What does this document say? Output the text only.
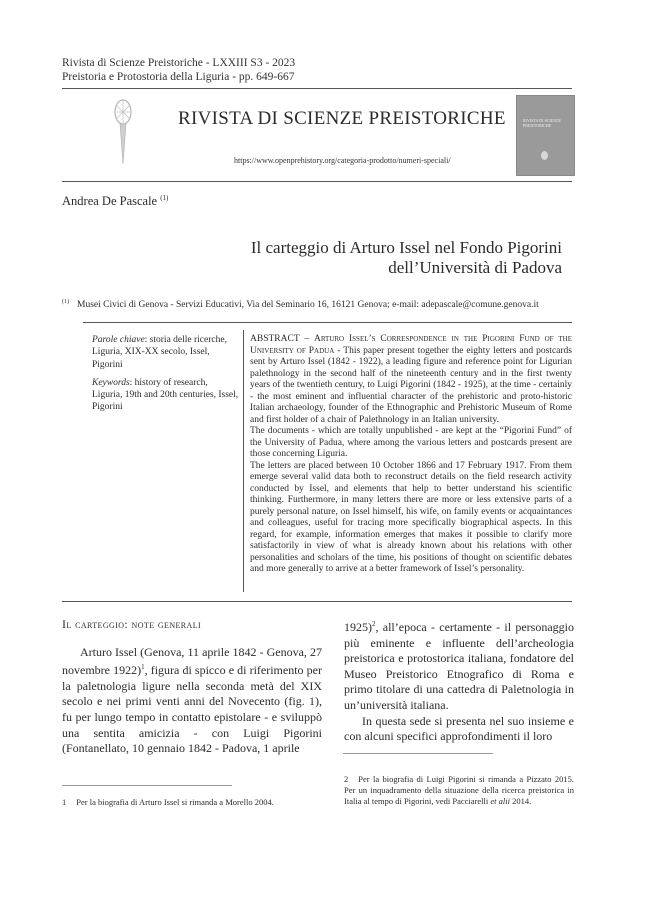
Rivista di Scienze Preistoriche - LXXIII S3 - 2023
Preistoria e Protostoria della Liguria - pp. 649-667
RIVISTA DI SCIENZE PREISTORICHE
https://www.openprehistory.org/categoria-prodotto/numeri-speciali/
RIVISTA DI SCIENZE PREISTORICHE
Andrea De Pascale $^{(1)}$
Il carteggio di Arturo Issel nel Fondo Pigorini
dell’Università di Padova
$^{(1)}$ Musei Civici di Genova - Servizi Educativi, Via del Seminario 16, 16121 Genova; e-mail: adepascale@comune.genova.it

Parole chiave: storia delle ricerche, Liguria, XIX-XX secolo, Issel, Pigorini

Keywords: history of research, Liguria, 19th and 20th centuries, Issel, Pigorini

ABSTRACT – Arturo Issel’s Correspondence in the Pigorini Fund of the University of Padua - This paper present together the eighty letters and postcards sent by Arturo Issel (1842 - 1922), a leading figure and reference point for Ligurian palethnology in the second half of the nineteenth century and in the first twenty years of the twentieth century, to Luigi Pigorini (1842 - 1925), at the time - certainly - the most eminent and influential character of the prehistoric and proto-historic Italian archaeology, founder of the Ethnographic and Prehistoric Museum of Rome and first holder of a chair of Palethnology in an Italian university.

The documents - which are totally unpublished - are kept at the “Pigorini Fund” of the University of Padua, where among the various letters and postcards present are those concerning Liguria.

The letters are placed between 10 October 1866 and 17 February 1917. From them emerge several valid data both to reconstruct details on the field research activity conducted by Issel, and elements that help to better understand his scientific thinking. Furthermore, in many letters there are more or less extensive parts of a purely personal nature, on Issel himself, his wife, on family events or acquaintances and colleagues, useful for tracing more specifically biographical aspects. In this regard, for example, information emerges that makes it possible to clarify more satisfactorily in view of what is already known about his relations with other personalities and scholars of the time, his positions of thought on scientific debates and more generally to arrive at a better framework of Issel’s personality.

Il carteggio: note generali

Arturo Issel (Genova, 11 aprile 1842 - Genova, 27 novembre 1922)$^1$, figura di spicco e di riferimento per la paletnologia ligure nella seconda metà del XIX secolo e nei primi venti anni del Novecento (fig. 1), fu per lungo tempo in contatto epistolare - e sviluppò una sentita amicizia - con Luigi Pigorini (Fontanellato, 10 gennaio 1842 - Padova, 1 aprile

1925)$^2$, all’epoca - certamente - il personaggio più eminente e influente dell’archeologia preistorica e protostorica italiana, fondatore del Museo Preistorico Etnografico di Roma e primo titolare di una cattedra di Paletnologia in un’università italiana.

In questa sede si presenta nel suo insieme e con alcuni specifici approfondimenti il loro

2 Per la biografia di Luigi Pigorini si rimanda a Pizzato 2015. Per un inquadramento della situazione della ricerca preistorica in Italia al tempo di Pigorini, vedi Pacciarelli et alii 2014.
1 Per la biografia di Arturo Issel si rimanda a Morello 2004.
